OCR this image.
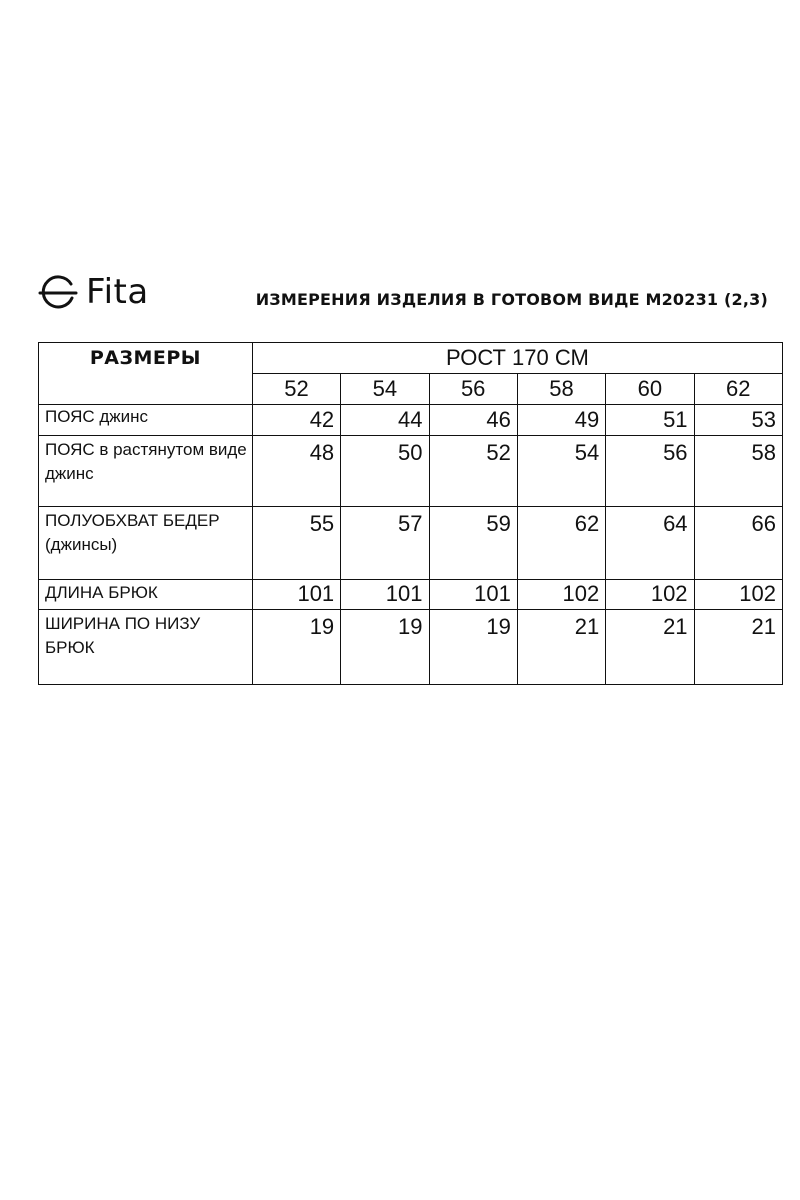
Fita	ИЗМЕРЕНИЯ ИЗДЕЛИЯ В ГОТОВОМ ВИДЕ М20231 (2,3)
РАЗМЕРЫ	РОСТ 170 СМ					
	52	54	56	58	60	62
ПОЯС джинс	42	44	46	49	51	53
ПОЯС в растянутом виде джинс	48	50	52	54	56	58
ПОЛУОБХВАТ БЕДЕР (джинсы)	55	57	59	62	64	66
ДЛИНА БРЮК	101	101	101	102	102	102
ШИРИНА ПО НИЗУ БРЮК	19	19	19	21	21	21
